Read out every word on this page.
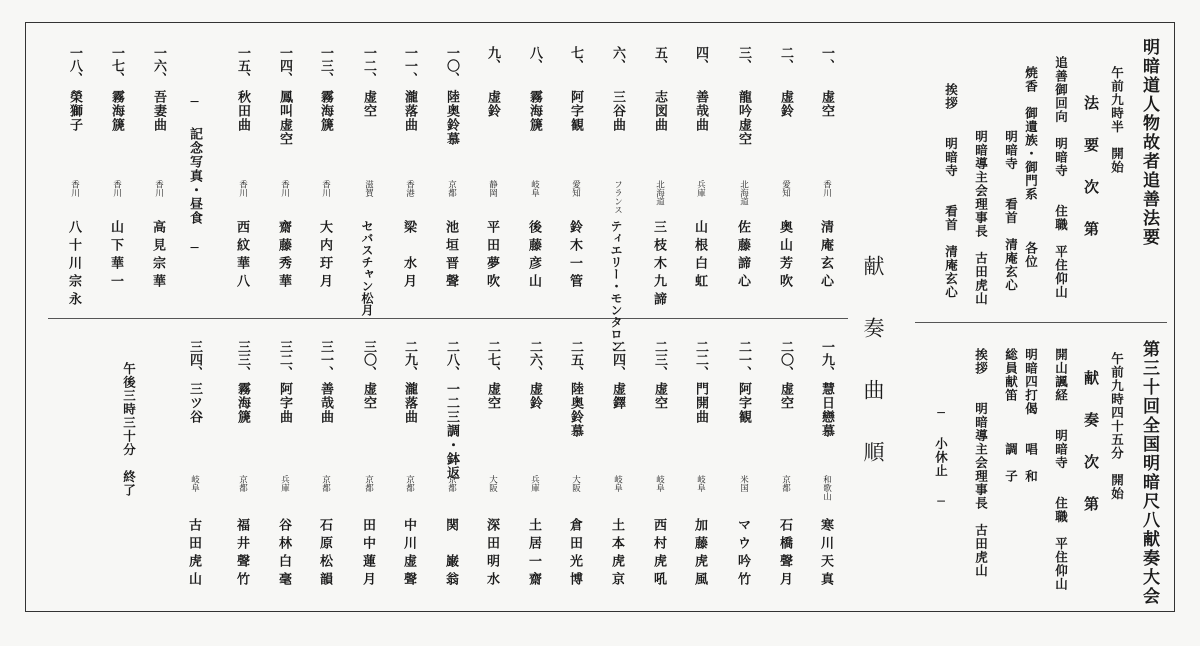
明暗道人物故者追善法要
午前九時半　開始
法　要　次　第
追善御回向　明暗寺　　住職　平住仰山
焼香　御遺族・御門系　　　各位
明暗寺　　看首　清庵玄心
明暗導主会理事長　古田虎山
挨拶　　明暗寺　　看首　清庵玄心
第三十回全国明暗尺八献奏大会
午前九時四十五分　開始
献　奏　次　第
開山諷経　　明暗寺　　住職　平住仰山
明暗四打偈　　唱　和
総員献笛　　　調　子
挨拶　　明暗導主会理事長　古田虎山
─ 小休止 ─
献　奏　曲　順
一、
虚空
香川
清庵玄心
二、
虚鈴
愛知
奥山芳吹
三、
龍吟虚空
北海道
佐藤諦心
四、
善哉曲
兵庫
山根白虹
五、
志図曲
北海道
三枝木九諦
六、
三谷曲
フランス
ティエリー・モンタロン
七、
阿字観
愛知
鈴木一管
八、
霧海篪
岐阜
後藤彦山
九、
虚鈴
静岡
平田夢吹
一〇、
陸奥鈴慕
京都
池垣晋聲
一一、
瀧落曲
香港
梁　水月
一二、
虚空
滋賀
セバスチャン松月
一三、
霧海篪
香川
大内玗月
一四、
鳳叫虚空
香川
齋藤秀華
一五、
秋田曲
香川
西紋華八
─ 記念写真・昼食 ─
一六、
吾妻曲
香川
高見宗華
一七、
霧海篪
香川
山下華一
一八、
榮獅子
香川
八十川宗永
一九、
慧日戀慕
和歌山
寒川天真
二〇、
虚空
京都
石橋聲月
二一、
阿字観
米国
マウ吟竹
二二、
門開曲
岐阜
加藤虎風
二三、
虚空
岐阜
西村虎吼
二四、
虚鐸
岐阜
土本虎京
二五、
陸奥鈴慕
大阪
倉田光博
二六、
虚鈴
兵庫
土居一齋
二七、
虚空
大阪
深田明水
二八、
一二三調・鉢返
京都
関　巌翁
二九、
瀧落曲
京都
中川虚聲
三〇、
虚空
京都
田中蓮月
三一、
善哉曲
京都
石原松韻
三二、
阿字曲
兵庫
谷林白毫
三三、
霧海篪
京都
福井聲竹
三四、
三ツ谷
岐阜
古田虎山
午後三時三十分　終了
